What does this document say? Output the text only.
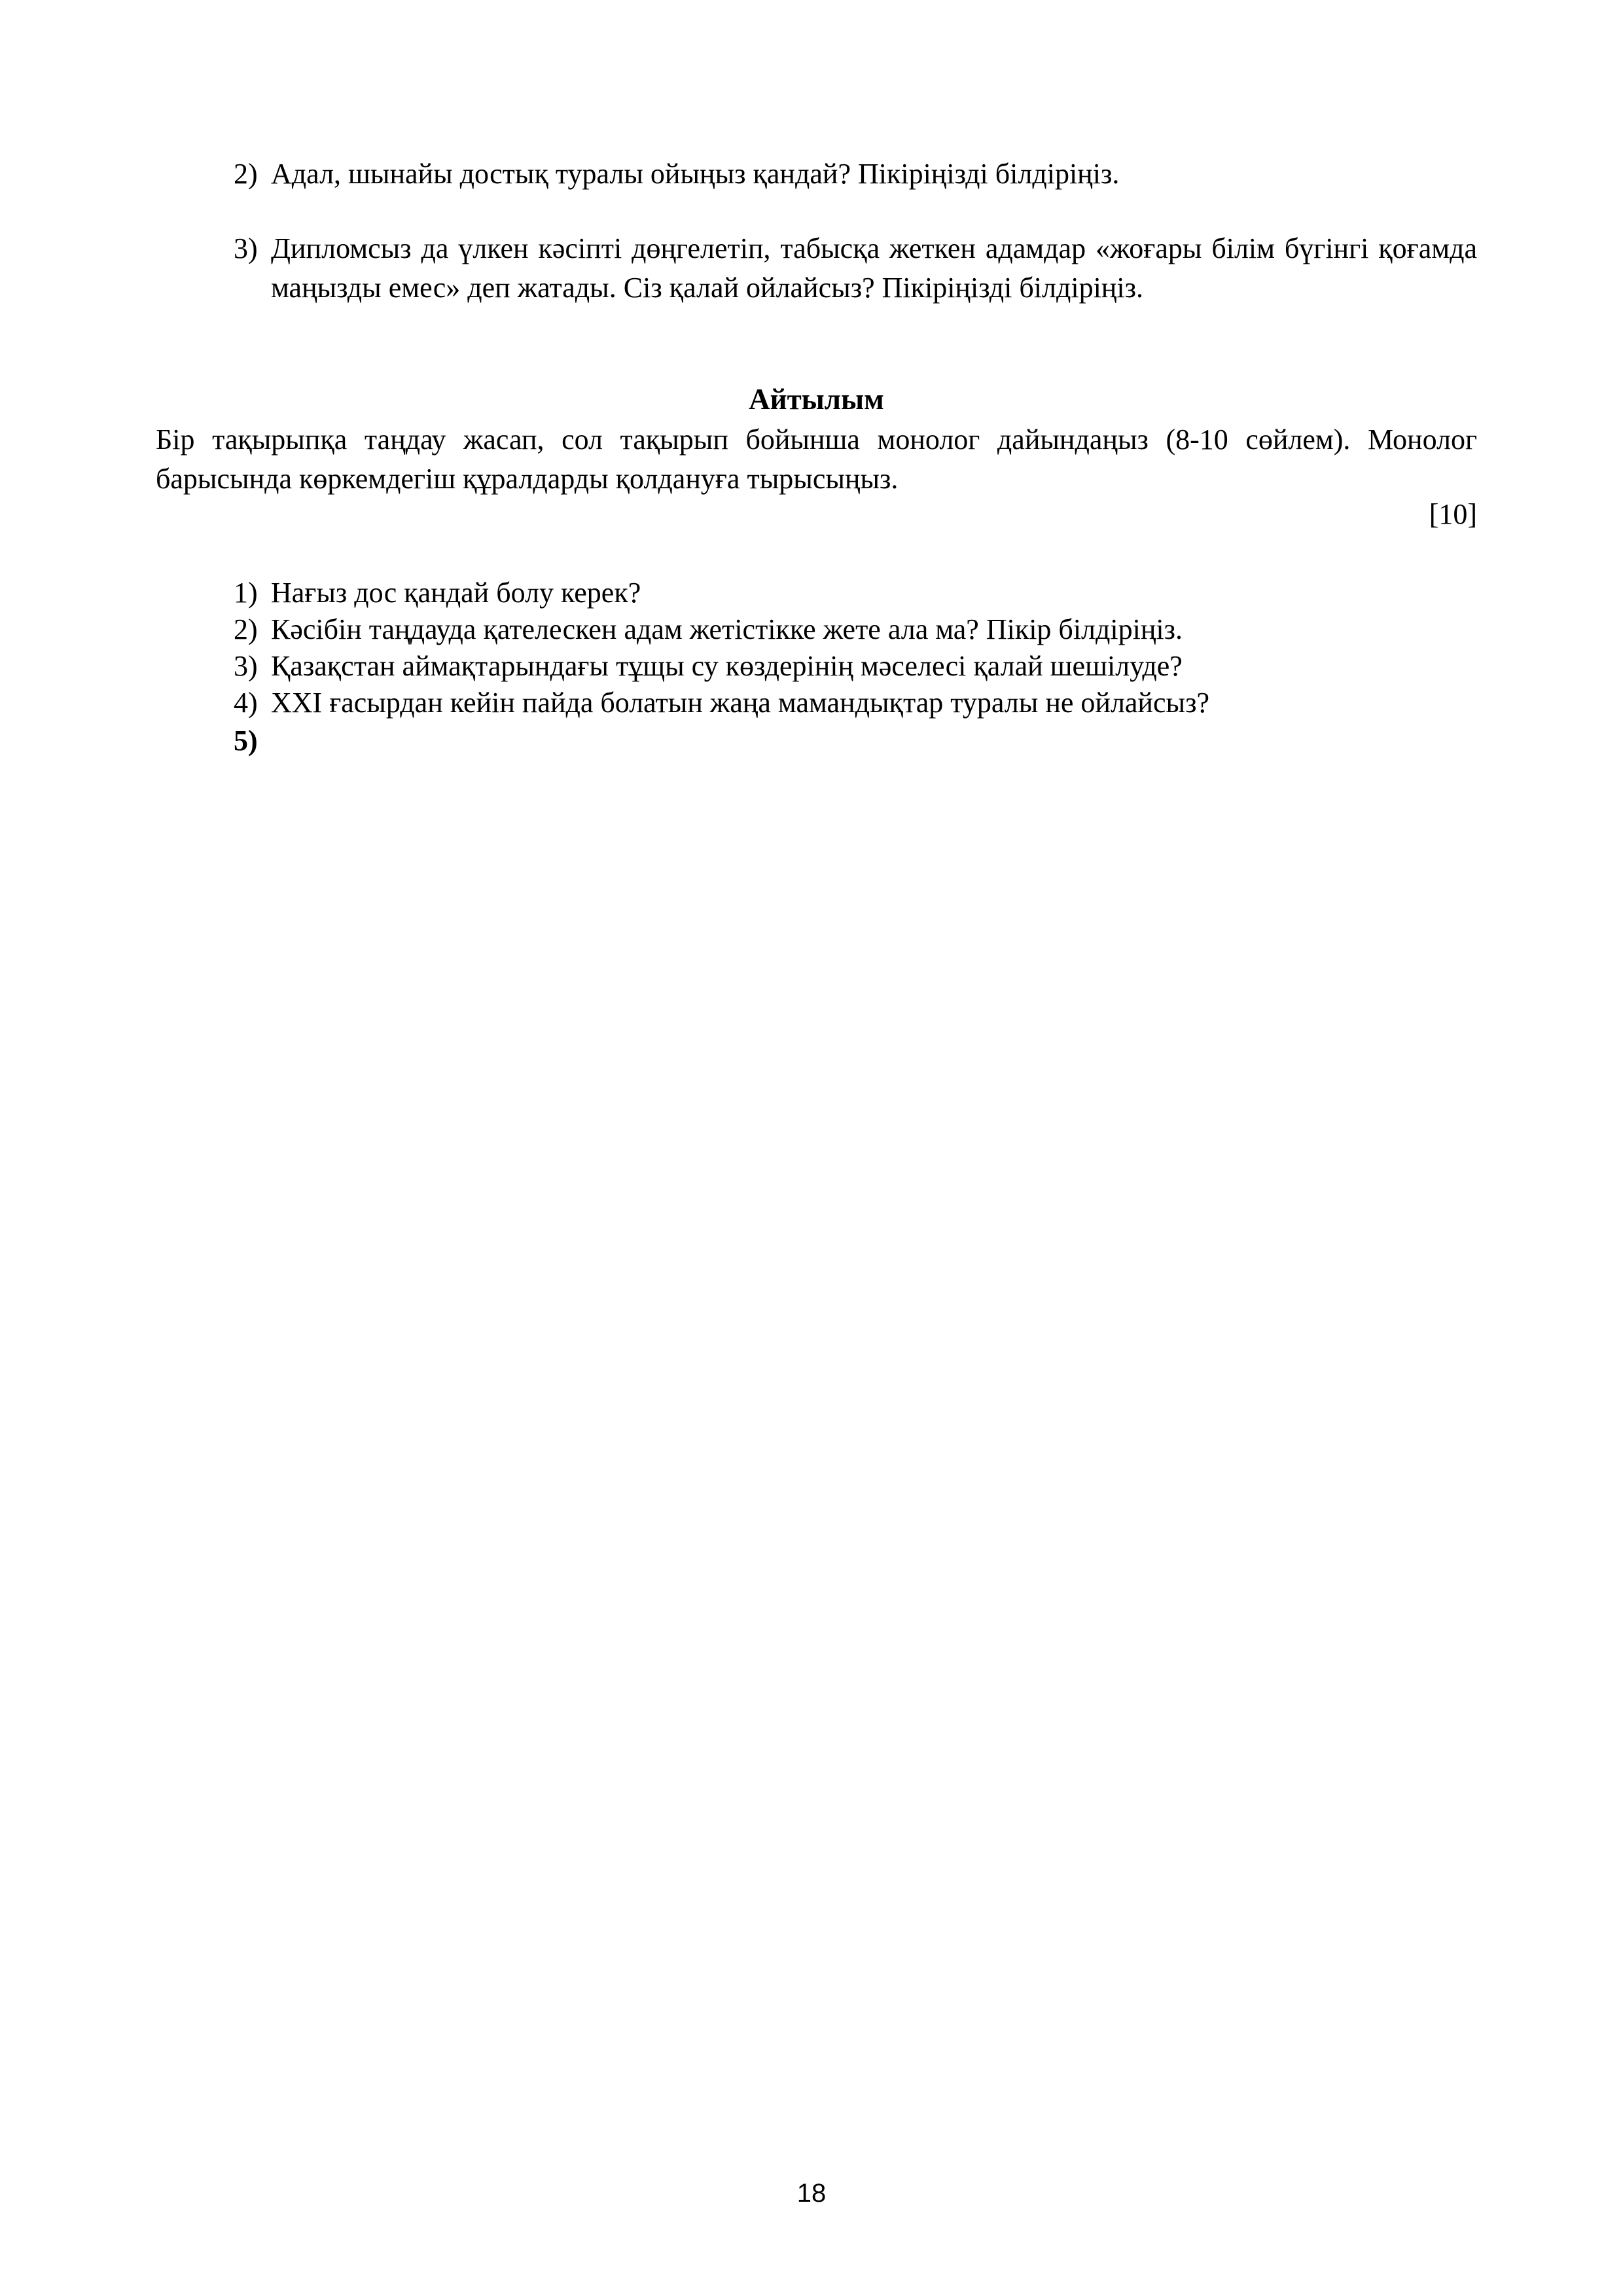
2) Адал, шынайы достық туралы ойыңыз қандай? Пікіріңізді білдіріңіз.
3) Дипломсыз да үлкен кәсіпті дөңгелетіп, табысқа жеткен адамдар «жоғары білім бүгінгі қоғамда маңызды емес» деп жатады. Сіз қалай ойлайсыз? Пікіріңізді білдіріңіз.
Айтылым
Бір тақырыпқа таңдау жасап, сол тақырып бойынша монолог дайындаңыз (8-10 сөйлем). Монолог барысында көркемдегіш құралдарды қолдануға тырысыңыз.
[10]
1) Нағыз дос қандай болу керек?
2) Кәсібін таңдауда қателескен адам жетістікке жете ала ма? Пікір білдіріңіз.
3) Қазақстан аймақтарындағы тұщы су көздерінің мәселесі қалай шешілуде?
4) XXI ғасырдан кейін пайда болатын жаңа мамандықтар туралы не ойлайсыз?
5)
18
